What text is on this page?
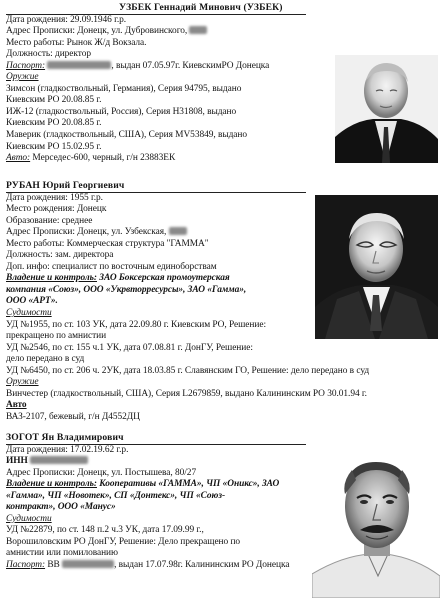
УЗБЕК Геннадий Минович (УЗБЕК)
Дата рождения: 29.09.1946 г.р.
Адрес Прописки: Донецк, ул. Дубровинского,
Место работы: Рынок Ж/д Вокзала.
Должность: директор
Паспорт:	, выдан 07.05.97г. КиевскимРО Донецка
Оружие
Зимсон (гладкоствольный, Германия), Серия 94795, выдано
Киевским РО 20.08.85 г.
ИЖ-12 (гладкоствольный, Россия), Серия Н31808, выдано
Киевским РО 20.08.85 г.
Маверик (гладкоствольный, США), Серия MV53849, выдано
Киевским РО 15.02.95 г.
Авто: Мерседес-600, черный, г/н 23883ЕК
РУБАН Юрий Георгиевич
Дата рождения: 1955 г.р.
Место рождения: Донецк
Образование: среднее
Адрес Прописки: Донецк, ул. Узбекская,
Место работы: Коммерческая структура "ГАММА"
Должность: зам. директора
Доп. инфо: специалист по восточным единоборствам
Владение и контроль: ЗАО Боксерская промоутерская
компания «Союз», ООО «Укрвторресурсы», ЗАО «Гамма»,
ООО «АРТ».
Судимости
УД №1955, по ст. 103 УК, дата 22.09.80 г. Киевским РО, Решение:
прекращено по амнистии
УД №2546, по ст. 155 ч.1 УК, дата 07.08.81 г. ДонГУ, Решение:
дело передано в суд
УД №6450, по ст. 206 ч. 2УК, дата 18.03.85 г. Славянским ГО, Решение: дело передано в суд
Оружие
Винчестер (гладкоствольный, США), Серия L2679859, выдано Калининским РО 30.01.94 г.
Авто
ВАЗ-2107, бежевый, г/н Д4552ДЦ
ЗОГОТ Ян Владимирович
Дата рождения: 17.02.19.62 г.р.
ИНН
Адрес Прописки: Донецк, ул. Постышева, 80/27
Владение и контроль: Кооперативы «ГАММА», ЧП «Оникс», ЗАО
«Гамма», ЧП «Новотек», СП «Донтекс», ЧП «Союз-
контракт», ООО «Манус»
Судимости
УД №22879, по ст. 148 п.2 ч.3 УК, дата 17.09.99 г.,
Ворошиловским РО ДонГУ, Решение: Дело прекращено по
амнистии или помилованию
Паспорт: ВВ	, выдан 17.07.98г. Калининским РО Донецка
